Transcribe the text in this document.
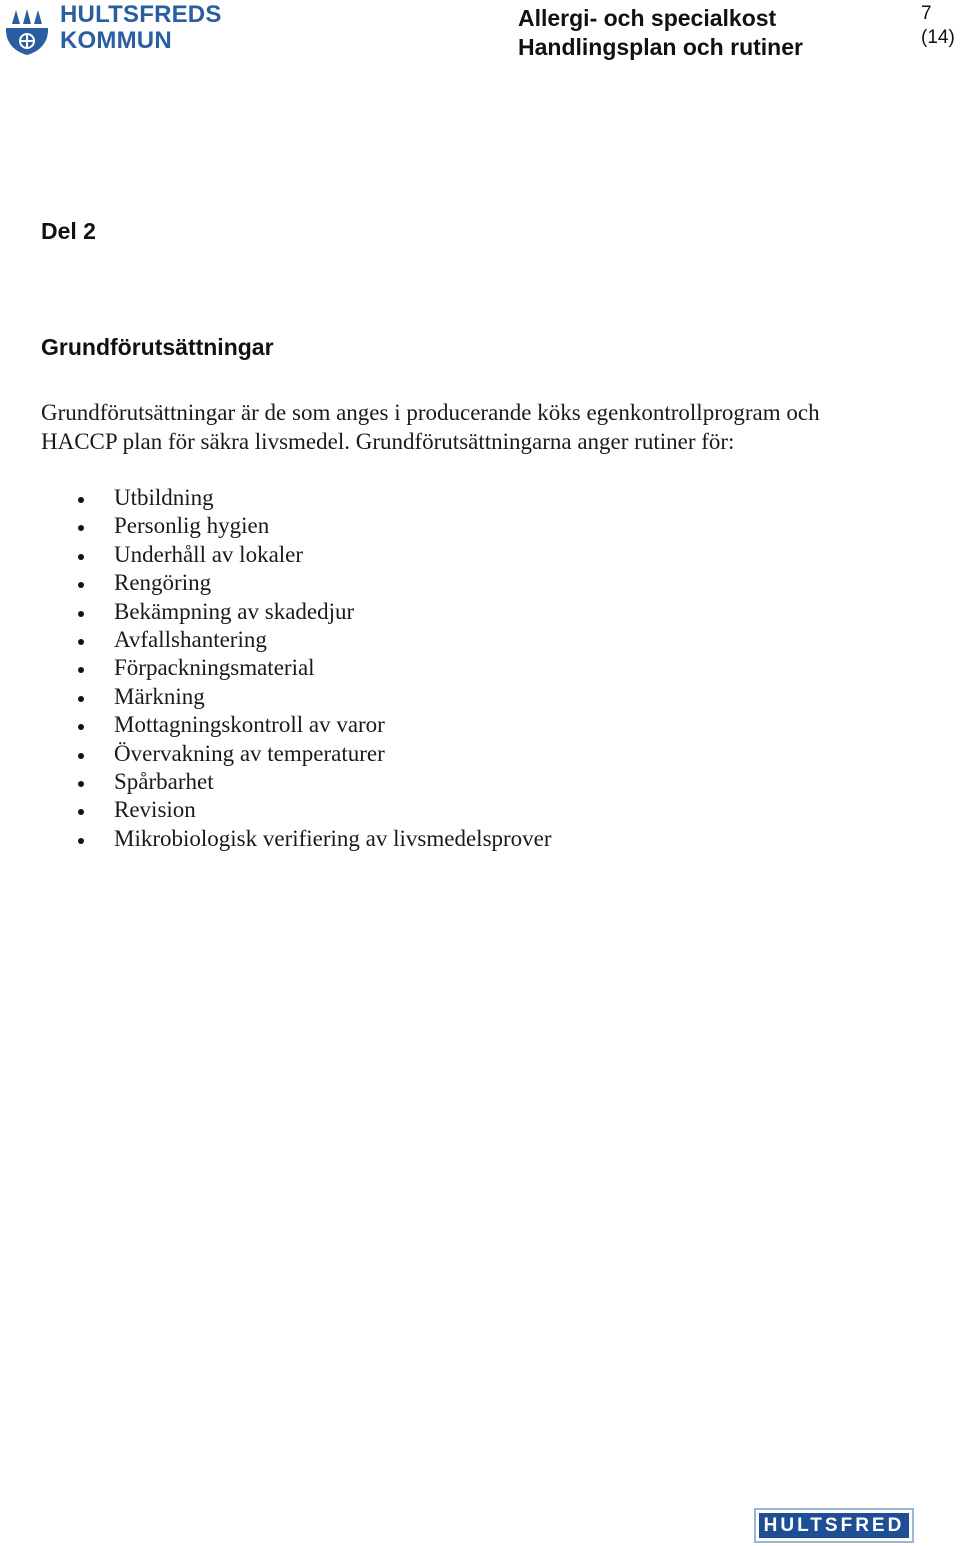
HULTSFREDS
KOMMUN
Allergi- och specialkost
Handlingsplan och rutiner
7
(14)
Del 2
Grundförutsättningar

Grundförutsättningar är de som anges i producerande köks egenkontrollprogram och
HACCP plan för säkra livsmedel. Grundförutsättningarna anger rutiner för:

Utbildning
Personlig hygien
Underhåll av lokaler
Rengöring
Bekämpning av skadedjur
Avfallshantering
Förpackningsmaterial
Märkning
Mottagningskontroll av varor
Övervakning av temperaturer
Spårbarhet
Revision
Mikrobiologisk verifiering av livsmedelsprover
HULTSFRED
